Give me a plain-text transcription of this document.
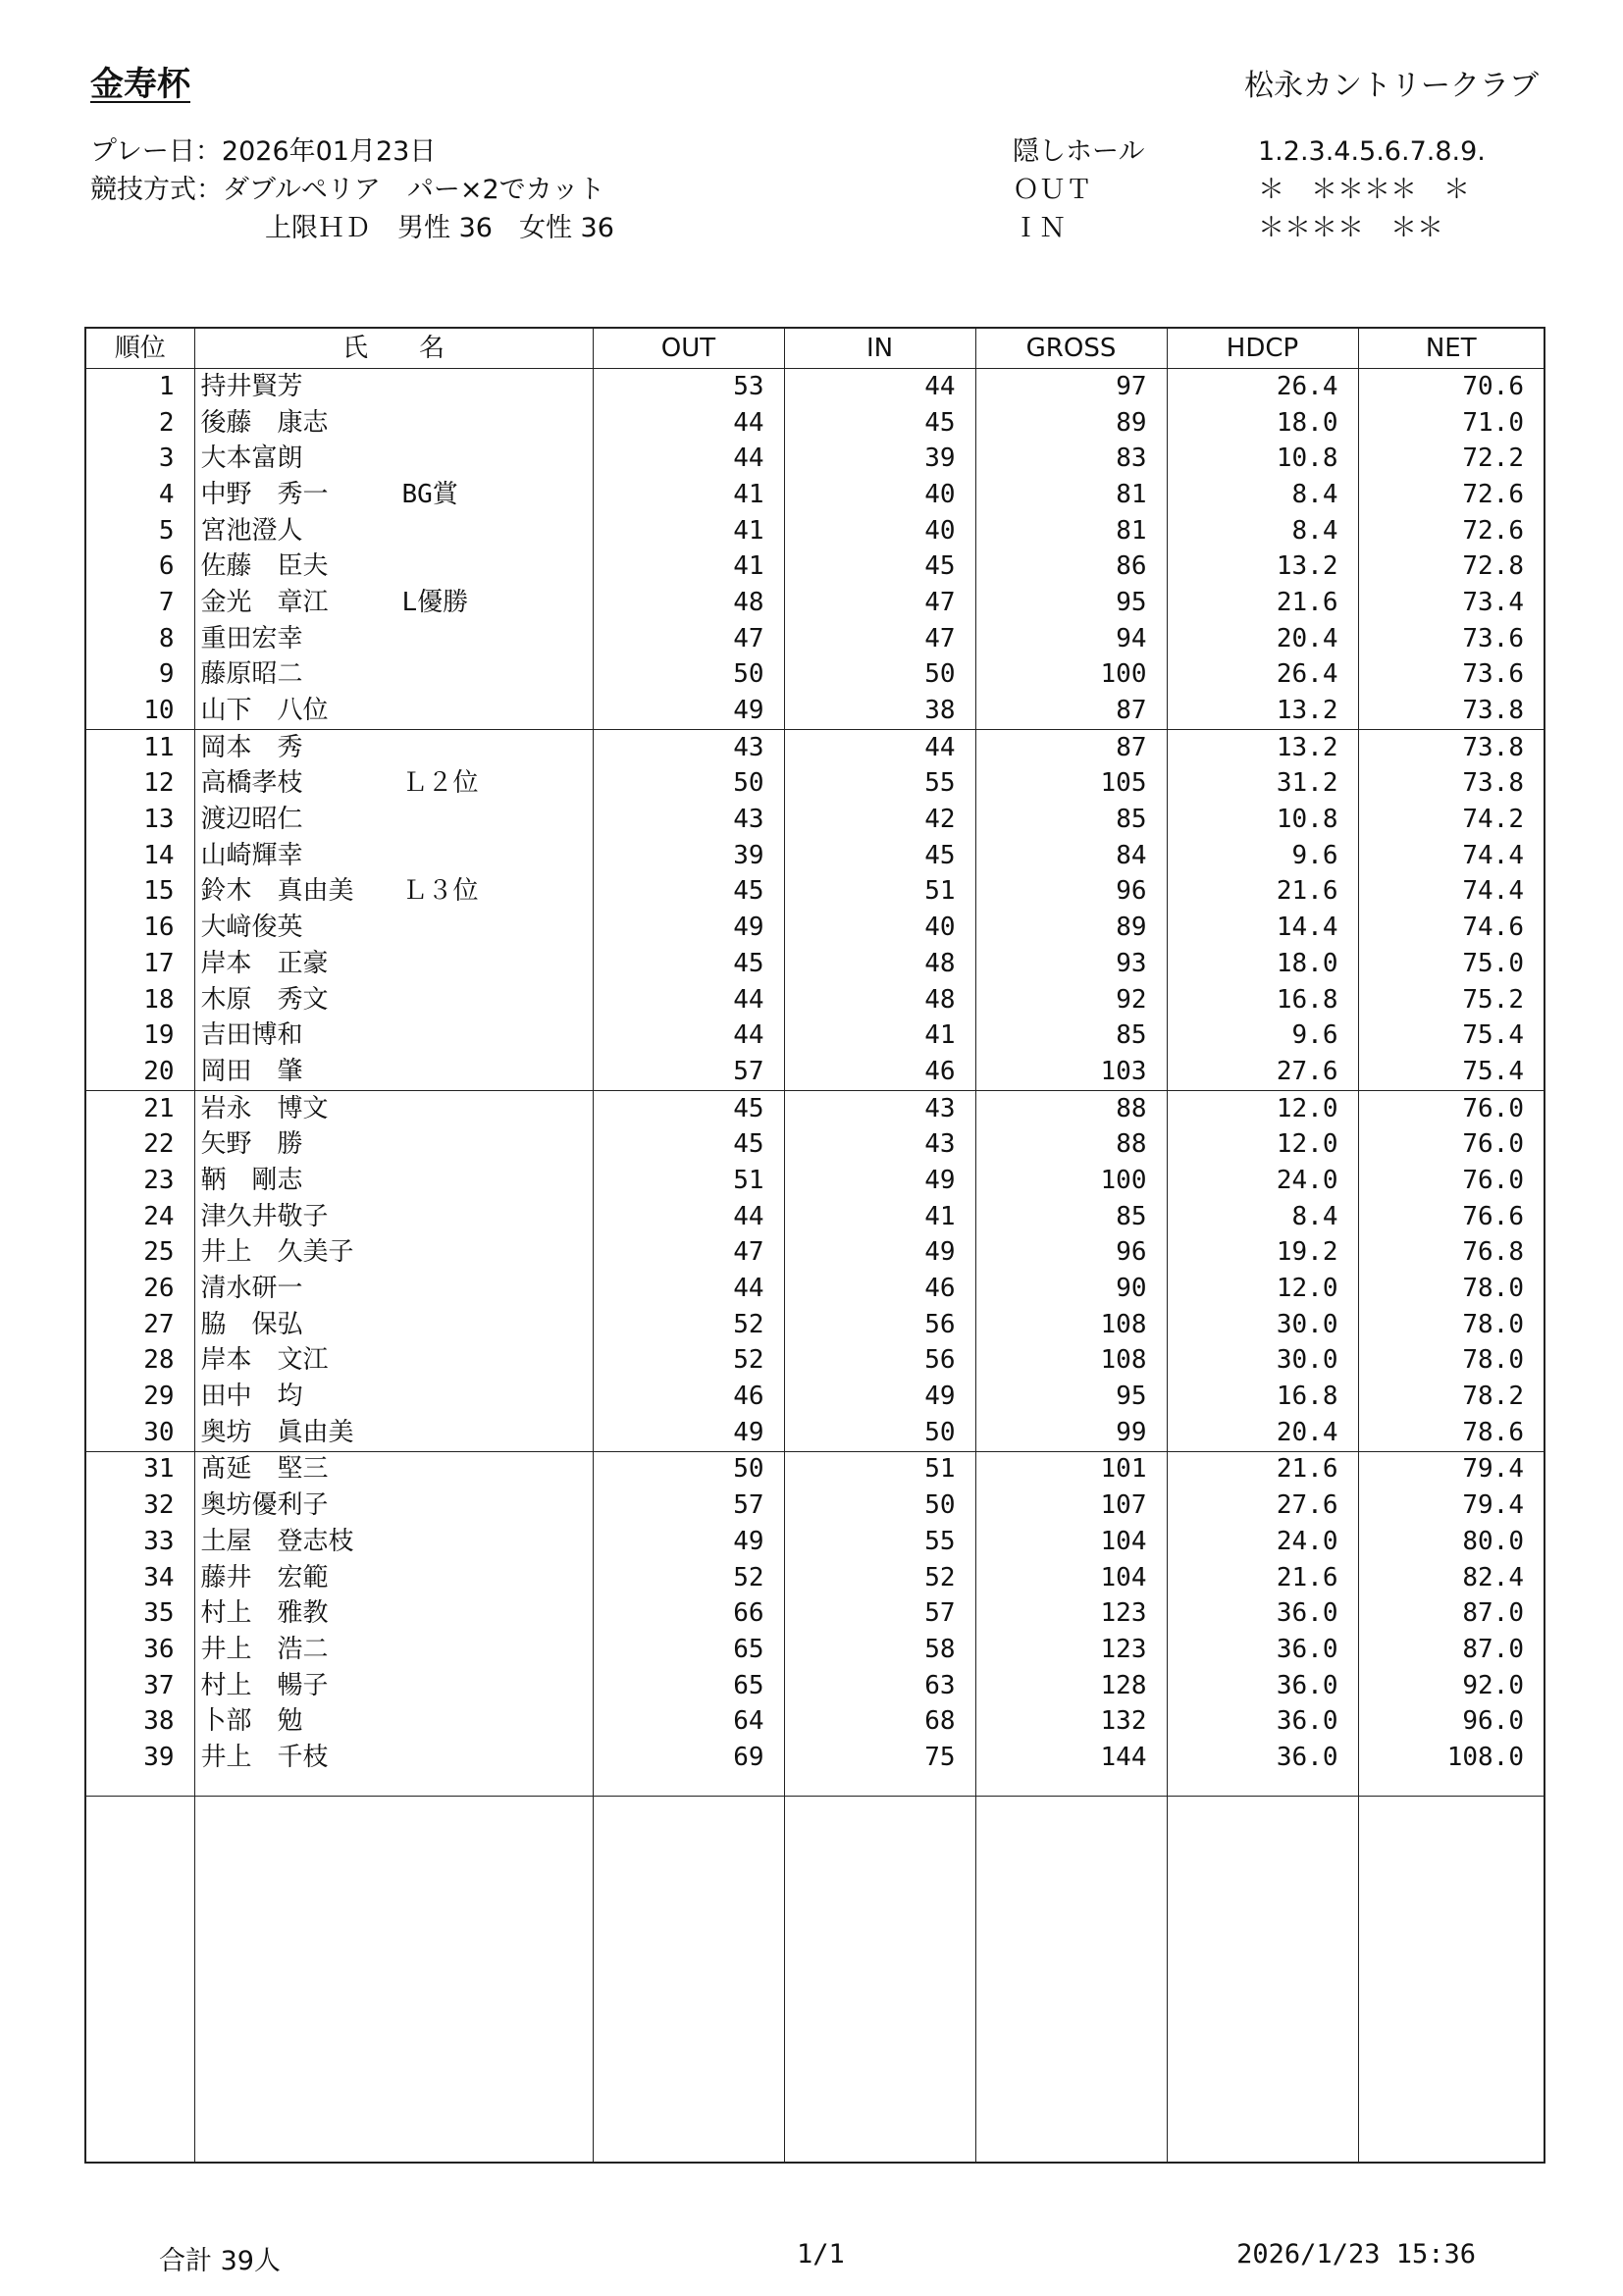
金寿杯	松永カントリークラブ
プレー日：2026年01月23日
競技方式：ダブルペリア　パー×2でカット
上限ＨＤ　男性 36　女性 36
隠しホール	1.2.3.4.5.6.7.8.9.
ＯＵＴ	＊　＊＊＊＊　＊
ＩＮ	＊＊＊＊　＊＊
順位	氏　　名	OUT	IN	GROSS	HDCP	NET
1	持井賢芳	53	44	97	26.4	70.6
2	後藤　康志	44	45	89	18.0	71.0
3	大本富朗	44	39	83	10.8	72.2
4	中野　秀一 BG賞	41	40	81	8.4	72.6
5	宮池澄人	41	40	81	8.4	72.6
6	佐藤　臣夫	41	45	86	13.2	72.8
7	金光　章江 L優勝	48	47	95	21.6	73.4
8	重田宏幸	47	47	94	20.4	73.6
9	藤原昭二	50	50	100	26.4	73.6
10	山下　八位	49	38	87	13.2	73.8
11	岡本　秀	43	44	87	13.2	73.8
12	高橋孝枝 Ｌ２位	50	55	105	31.2	73.8
13	渡辺昭仁	43	42	85	10.8	74.2
14	山崎輝幸	39	45	84	9.6	74.4
15	鈴木　真由美 Ｌ３位	45	51	96	21.6	74.4
16	大﨑俊英	49	40	89	14.4	74.6
17	岸本　正豪	45	48	93	18.0	75.0
18	木原　秀文	44	48	92	16.8	75.2
19	吉田博和	44	41	85	9.6	75.4
20	岡田　肇	57	46	103	27.6	75.4
21	岩永　博文	45	43	88	12.0	76.0
22	矢野　勝	45	43	88	12.0	76.0
23	鞆　剛志	51	49	100	24.0	76.0
24	津久井敬子	44	41	85	8.4	76.6
25	井上　久美子	47	49	96	19.2	76.8
26	清水研一	44	46	90	12.0	78.0
27	脇　保弘	52	56	108	30.0	78.0
28	岸本　文江	52	56	108	30.0	78.0
29	田中　均	46	49	95	16.8	78.2
30	奥坊　眞由美	49	50	99	20.4	78.6
31	髙延　堅三	50	51	101	21.6	79.4
32	奥坊優利子	57	50	107	27.6	79.4
33	土屋　登志枝	49	55	104	24.0	80.0
34	藤井　宏範	52	52	104	21.6	82.4
35	村上　雅教	66	57	123	36.0	87.0
36	井上　浩二	65	58	123	36.0	87.0
37	村上　暢子	65	63	128	36.0	92.0
38	卜部　勉	64	68	132	36.0	96.0
39	井上　千枝	69	75	144	36.0	108.0

合計 39人	1/1	2026/1/23 15:36
